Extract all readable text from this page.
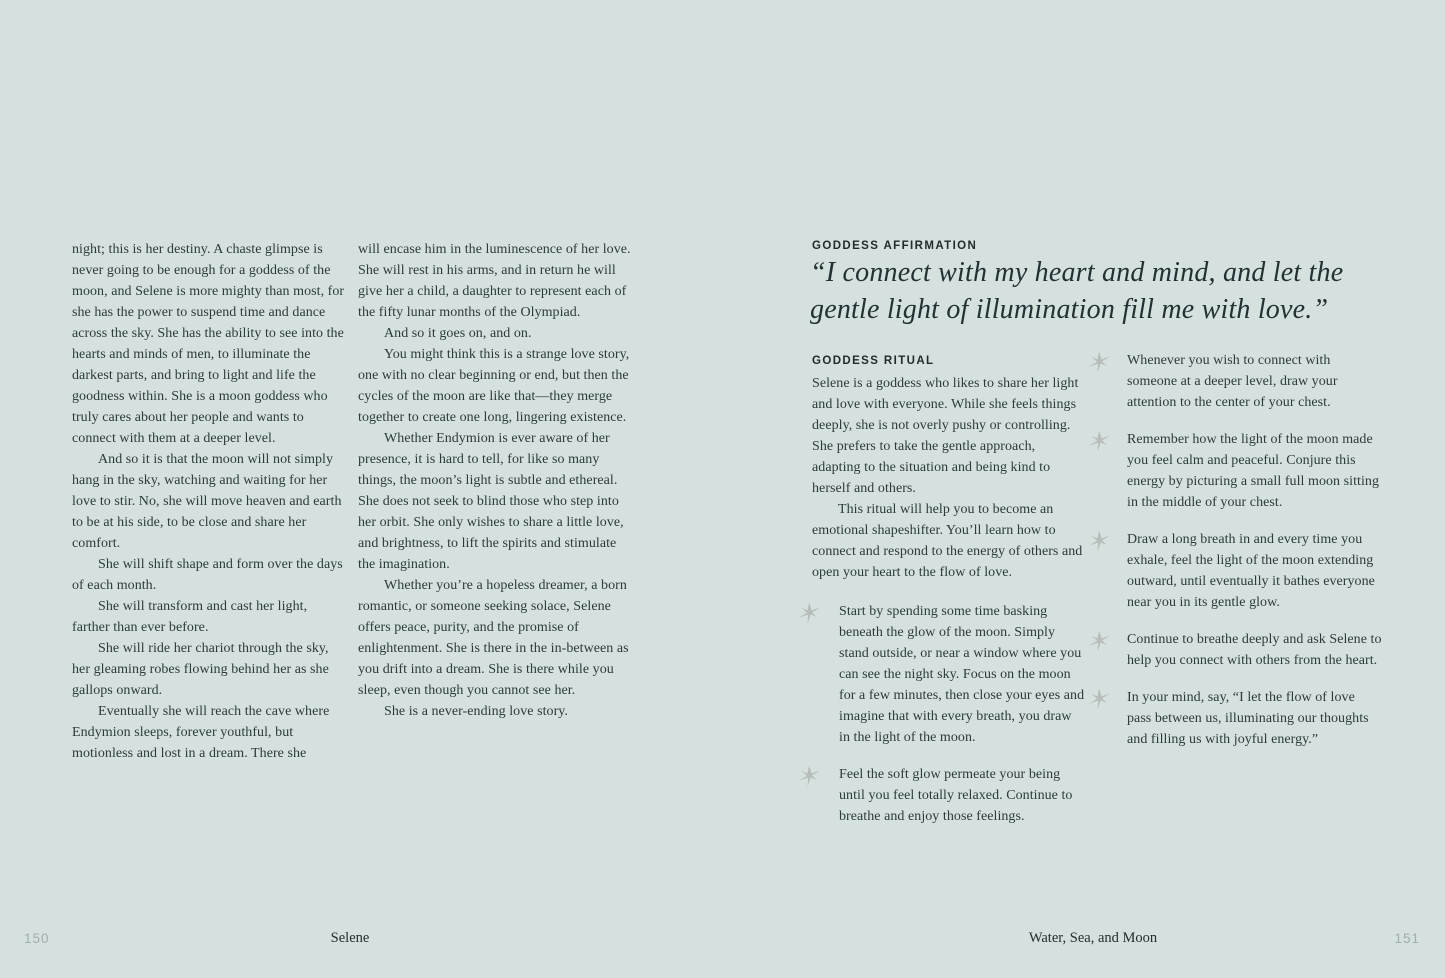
night; this is her destiny. A chaste glimpse is never going to be enough for a goddess of the moon, and Selene is more mighty than most, for she has the power to suspend time and dance across the sky. She has the ability to see into the hearts and minds of men, to illuminate the darkest parts, and bring to light and life the goodness within. She is a moon goddess who truly cares about her people and wants to connect with them at a deeper level.

And so it is that the moon will not simply hang in the sky, watching and waiting for her love to stir. No, she will move heaven and earth to be at his side, to be close and share her comfort.

She will shift shape and form over the days of each month.

She will transform and cast her light, farther than ever before.

She will ride her chariot through the sky, her gleaming robes flowing behind her as she gallops onward.

Eventually she will reach the cave where Endymion sleeps, forever youthful, but motionless and lost in a dream. There she

will encase him in the luminescence of her love. She will rest in his arms, and in return he will give her a child, a daughter to represent each of the fifty lunar months of the Olympiad.

And so it goes on, and on.

You might think this is a strange love story, one with no clear beginning or end, but then the cycles of the moon are like that—they merge together to create one long, lingering existence.

Whether Endymion is ever aware of her presence, it is hard to tell, for like so many things, the moon’s light is subtle and ethereal. She does not seek to blind those who step into her orbit. She only wishes to share a little love, and brightness, to lift the spirits and stimulate the imagination.

Whether you’re a hopeless dreamer, a born romantic, or someone seeking solace, Selene offers peace, purity, and the promise of enlightenment. She is there in the in-between as you drift into a dream. She is there while you sleep, even though you cannot see her.

She is a never-ending love story.

150	Selene
GODDESS AFFIRMATION
“I connect with my heart and mind, and let the gentle light of illumination fill me with love.”
GODDESS RITUAL

Selene is a goddess who likes to share her light and love with everyone. While she feels things deeply, she is not overly pushy or controlling. She prefers to take the gentle approach, adapting to the situation and being kind to herself and others.

This ritual will help you to become an emotional shapeshifter. You’ll learn how to connect and respond to the energy of others and open your heart to the flow of love.

Start by spending some time basking beneath the glow of the moon. Simply stand outside, or near a window where you can see the night sky. Focus on the moon for a few minutes, then close your eyes and imagine that with every breath, you draw in the light of the moon.

Feel the soft glow permeate your being until you feel totally relaxed. Continue to breathe and enjoy those feelings.

Whenever you wish to connect with someone at a deeper level, draw your attention to the center of your chest.

Remember how the light of the moon made you feel calm and peaceful. Conjure this energy by picturing a small full moon sitting in the middle of your chest.

Draw a long breath in and every time you exhale, feel the light of the moon extending outward, until eventually it bathes everyone near you in its gentle glow.

Continue to breathe deeply and ask Selene to help you connect with others from the heart.

In your mind, say, “I let the flow of love pass between us, illuminating our thoughts and filling us with joyful energy.”

Water, Sea, and Moon	151
